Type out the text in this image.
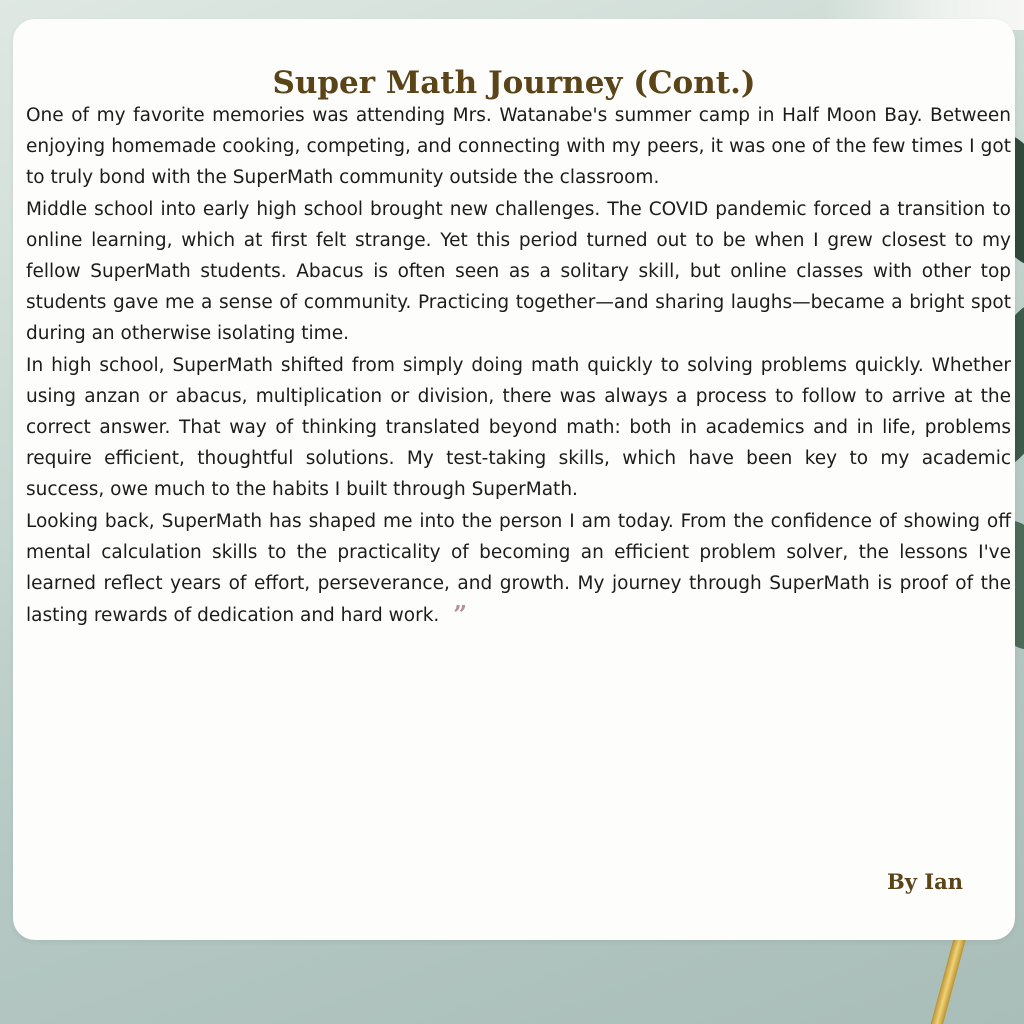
Super Math Journey (Cont.)

One of my favorite memories was attending Mrs. Watanabe's summer camp in Half Moon Bay. Between enjoying homemade cooking, competing, and connecting with my peers, it was one of the few times I got to truly bond with the SuperMath community outside the classroom.

Middle school into early high school brought new challenges. The COVID pandemic forced a transition to online learning, which at first felt strange. Yet this period turned out to be when I grew closest to my fellow SuperMath students. Abacus is often seen as a solitary skill, but online classes with other top students gave me a sense of community. Practicing together—and sharing laughs—became a bright spot during an otherwise isolating time.

In high school, SuperMath shifted from simply doing math quickly to solving problems quickly. Whether using anzan or abacus, multiplication or division, there was always a process to follow to arrive at the correct answer. That way of thinking translated beyond math: both in academics and in life, problems require efficient, thoughtful solutions. My test-taking skills, which have been key to my academic success, owe much to the habits I built through SuperMath.

Looking back, SuperMath has shaped me into the person I am today. From the confidence of showing off mental calculation skills to the practicality of becoming an efficient problem solver, the lessons I've learned reflect years of effort, perseverance, and growth. My journey through SuperMath is proof of the lasting rewards of dedication and hard work. ”

By Ian
